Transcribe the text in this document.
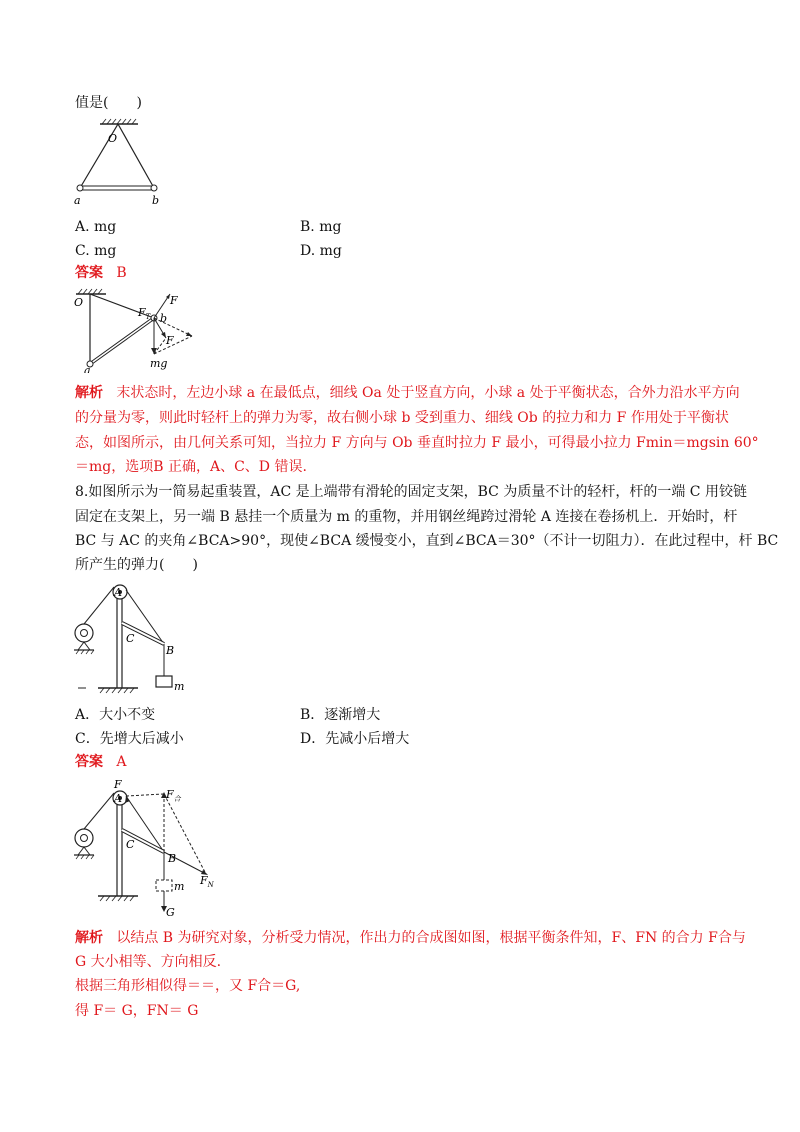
值是(　　)
O
a	b
A. mg	B. mg
C. mg	D. mg
答案 B
O
$F_T$
F
b
F
mg
a
解析 末状态时，左边小球 a 在最低点，细线 Oa 处于竖直方向，小球 a 处于平衡状态，合外力沿水平方向
的分量为零，则此时轻杆上的弹力为零，故右侧小球 b 受到重力、细线 Ob 的拉力和力 F 作用处于平衡状
态，如图所示，由几何关系可知，当拉力 F 方向与 Ob 垂直时拉力 F 最小，可得最小拉力 Fmin＝mgsin 60°
＝mg，选项B 正确，A、C、D 错误.
8.如图所示为一简易起重装置，AC 是上端带有滑轮的固定支架，BC 为质量不计的轻杆，杆的一端 C 用铰链
固定在支架上，另一端 B 悬挂一个质量为 m 的重物，并用钢丝绳跨过滑轮 A 连接在卷扬机上．开始时，杆
BC 与 AC 的夹角∠BCA>90°，现使∠BCA 缓慢变小，直到∠BCA＝30°（不计一切阻力）．在此过程中，杆 BC
所产生的弹力(　　)
A
C
B
m
A．大小不变	B．逐渐增大
C．先增大后减小	D．先减小后增大
答案 A
F
A	$F_合$
C
B
$F_N$
m
G
解析 以结点 B 为研究对象，分析受力情况，作出力的合成图如图，根据平衡条件知，F、FN 的合力 F合与
G 大小相等、方向相反.
根据三角形相似得＝＝，又 F合＝G,
得 F＝ G，FN＝ G
